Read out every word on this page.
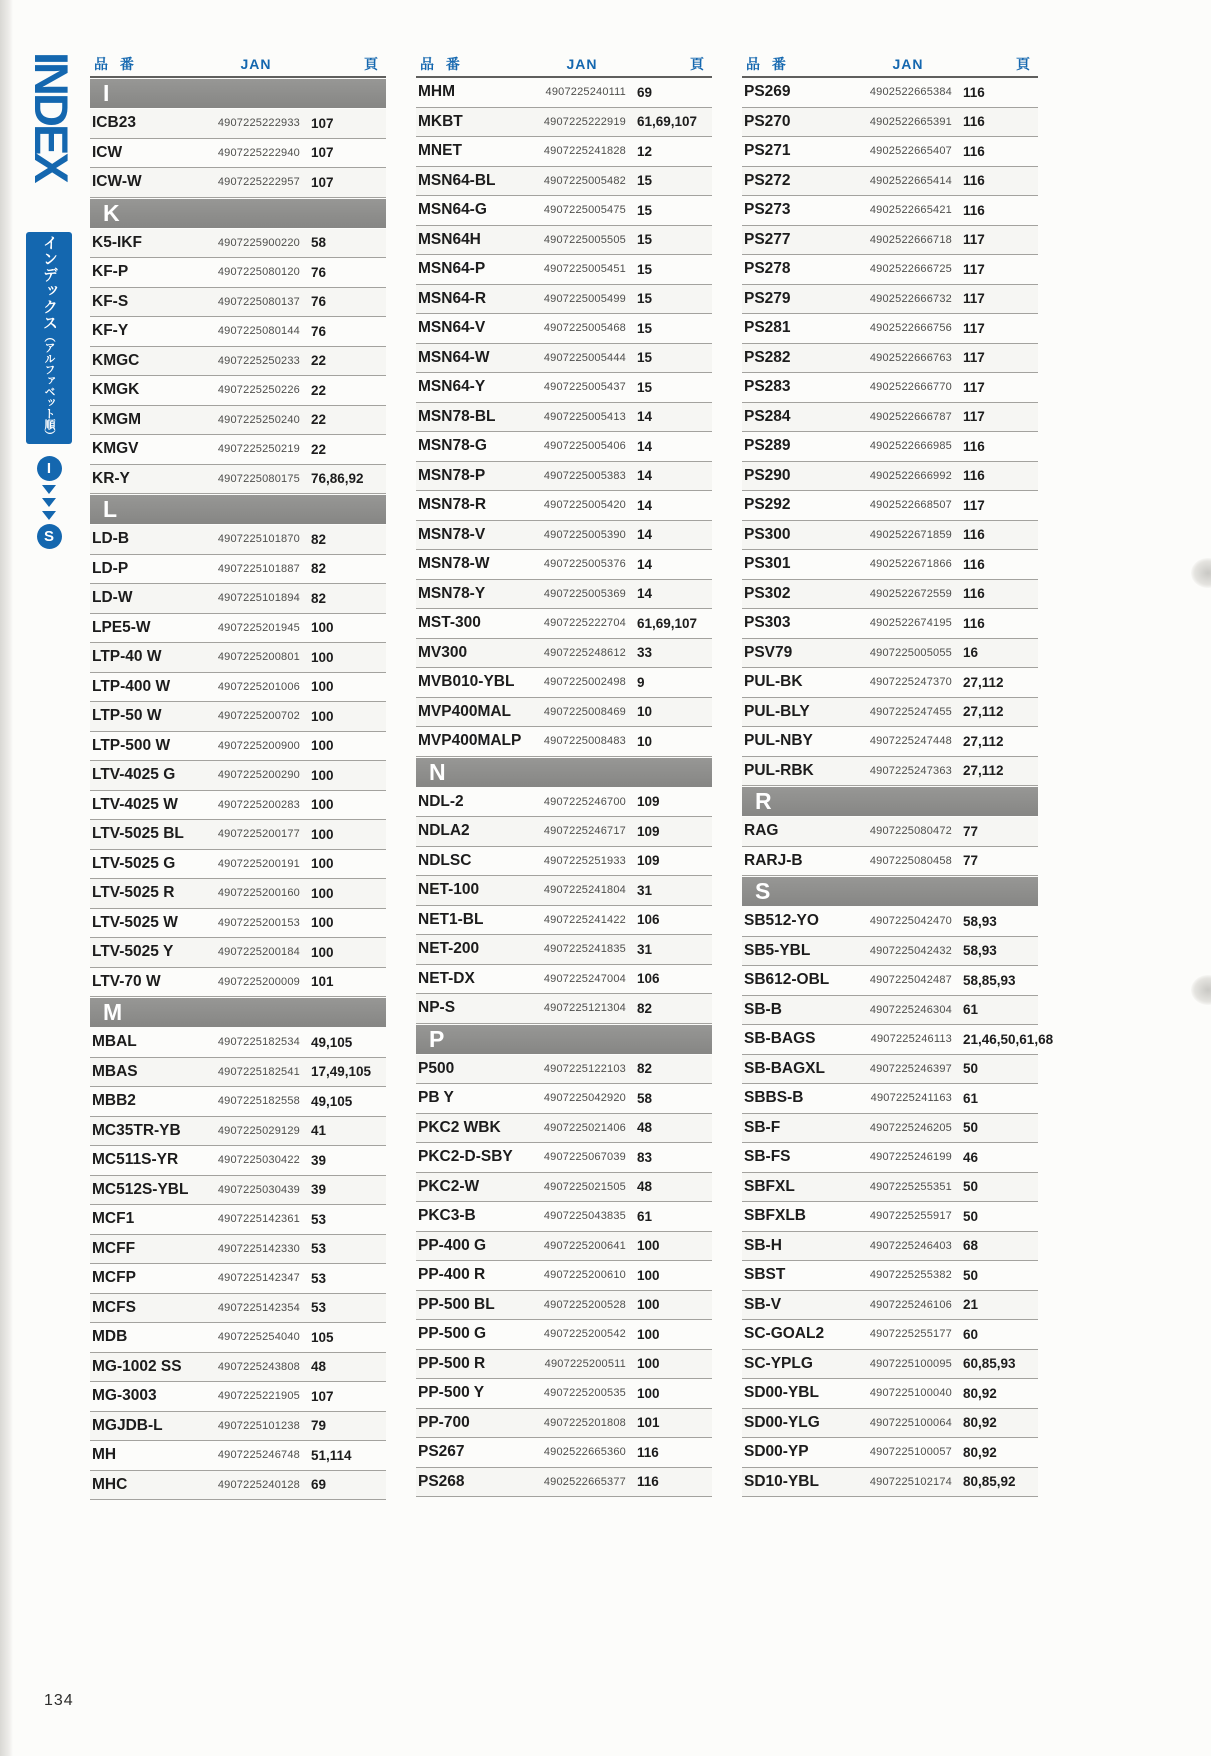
INDEX
インデックス（アルファベット順）
I
S
品 番	JAN	頁
I
ICB23	4907225222933 107
ICW	4907225222940 107
ICW-W	4907225222957 107
K
K5-IKF	4907225900220 58
KF-P	4907225080120 76
KF-S	4907225080137 76
KF-Y	4907225080144 76
KMGC	4907225250233 22
KMGK	4907225250226 22
KMGM	4907225250240 22
KMGV	4907225250219 22
KR-Y	4907225080175 76,86,92
L
LD-B	4907225101870 82
LD-P	4907225101887 82
LD-W	4907225101894 82
LPE5-W	4907225201945 100
LTP-40 W	4907225200801 100
LTP-400 W	4907225201006 100
LTP-50 W	4907225200702 100
LTP-500 W	4907225200900 100
LTV-4025 G	4907225200290 100
LTV-4025 W	4907225200283 100
LTV-5025 BL	4907225200177 100
LTV-5025 G	4907225200191 100
LTV-5025 R	4907225200160 100
LTV-5025 W	4907225200153 100
LTV-5025 Y	4907225200184 100
LTV-70 W	4907225200009 101
M
MBAL	4907225182534 49,105
MBAS	4907225182541 17,49,105
MBB2	4907225182558 49,105
MC35TR-YB	4907225029129 41
MC511S-YR	4907225030422 39
MC512S-YBL	4907225030439 39
MCF1	4907225142361 53
MCFF	4907225142330 53
MCFP	4907225142347 53
MCFS	4907225142354 53
MDB	4907225254040 105
MG-1002 SS	4907225243808 48
MG-3003	4907225221905 107
MGJDB-L	4907225101238 79
MH	4907225246748 51,114
MHC	4907225240128 69
品 番	JAN	頁
MHM	4907225240111 69
MKBT	4907225222919 61,69,107
MNET	4907225241828 12
MSN64-BL	4907225005482 15
MSN64-G	4907225005475 15
MSN64H	4907225005505 15
MSN64-P	4907225005451 15
MSN64-R	4907225005499 15
MSN64-V	4907225005468 15
MSN64-W	4907225005444 15
MSN64-Y	4907225005437 15
MSN78-BL	4907225005413 14
MSN78-G	4907225005406 14
MSN78-P	4907225005383 14
MSN78-R	4907225005420 14
MSN78-V	4907225005390 14
MSN78-W	4907225005376 14
MSN78-Y	4907225005369 14
MST-300	4907225222704 61,69,107
MV300	4907225248612 33
MVB010-YBL	4907225002498 9
MVP400MAL	4907225008469 10
MVP400MALP	4907225008483 10
N
NDL-2	4907225246700 109
NDLA2	4907225246717 109
NDLSC	4907225251933 109
NET-100	4907225241804 31
NET1-BL	4907225241422 106
NET-200	4907225241835 31
NET-DX	4907225247004 106
NP-S	4907225121304 82
P
P500	4907225122103 82
PB Y	4907225042920 58
PKC2 WBK	4907225021406 48
PKC2-D-SBY	4907225067039 83
PKC2-W	4907225021505 48
PKC3-B	4907225043835 61
PP-400 G	4907225200641 100
PP-400 R	4907225200610 100
PP-500 BL	4907225200528 100
PP-500 G	4907225200542 100
PP-500 R	4907225200511 100
PP-500 Y	4907225200535 100
PP-700	4907225201808 101
PS267	4902522665360 116
PS268	4902522665377 116
品 番	JAN	頁
PS269	4902522665384 116
PS270	4902522665391 116
PS271	4902522665407 116
PS272	4902522665414 116
PS273	4902522665421 116
PS277	4902522666718 117
PS278	4902522666725 117
PS279	4902522666732 117
PS281	4902522666756 117
PS282	4902522666763 117
PS283	4902522666770 117
PS284	4902522666787 117
PS289	4902522666985 116
PS290	4902522666992 116
PS292	4902522668507 117
PS300	4902522671859 116
PS301	4902522671866 116
PS302	4902522672559 116
PS303	4902522674195 116
PSV79	4907225005055 16
PUL-BK	4907225247370 27,112
PUL-BLY	4907225247455 27,112
PUL-NBY	4907225247448 27,112
PUL-RBK	4907225247363 27,112
R
RAG	4907225080472 77
RARJ-B	4907225080458 77
S
SB512-YO	4907225042470 58,93
SB5-YBL	4907225042432 58,93
SB612-OBL	4907225042487 58,85,93
SB-B	4907225246304 61
SB-BAGS	4907225246113 21,46,50,61,68
SB-BAGXL	4907225246397 50
SBBS-B	4907225241163 61
SB-F	4907225246205 50
SB-FS	4907225246199 46
SBFXL	4907225255351 50
SBFXLB	4907225255917 50
SB-H	4907225246403 68
SBST	4907225255382 50
SB-V	4907225246106 21
SC-GOAL2	4907225255177 60
SC-YPLG	4907225100095 60,85,93
SD00-YBL	4907225100040 80,92
SD00-YLG	4907225100064 80,92
SD00-YP	4907225100057 80,92
SD10-YBL	4907225102174 80,85,92
134
